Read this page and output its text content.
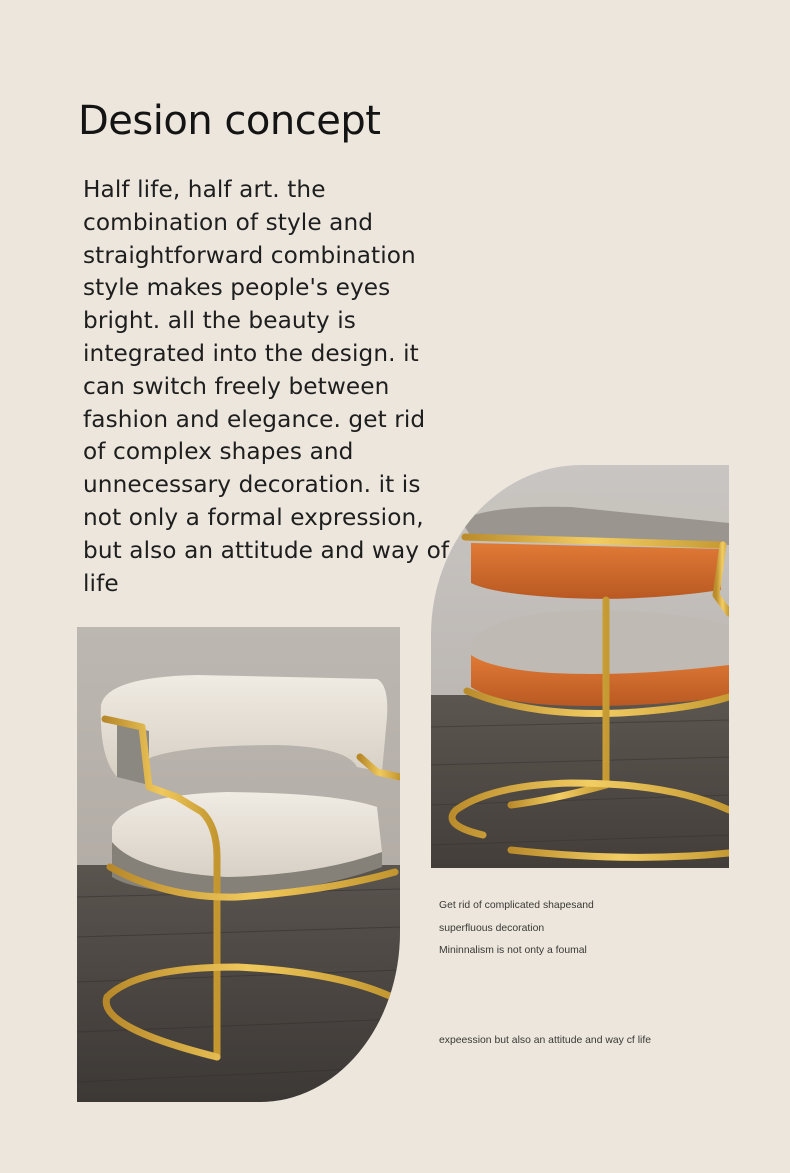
Desion concept

Half life, half art. the combination of style and straightforward combination style makes people's eyes bright. all the beauty is integrated into the design. it can switch freely between fashion and elegance. get rid of complex shapes and unnecessary decoration. it is not only a formal expression, but also an attitude and way of life

Get rid of complicated shapesand
superfluous decoration
Mininnalism is not onty a foumal
expeession but also an attitude and way cf life
